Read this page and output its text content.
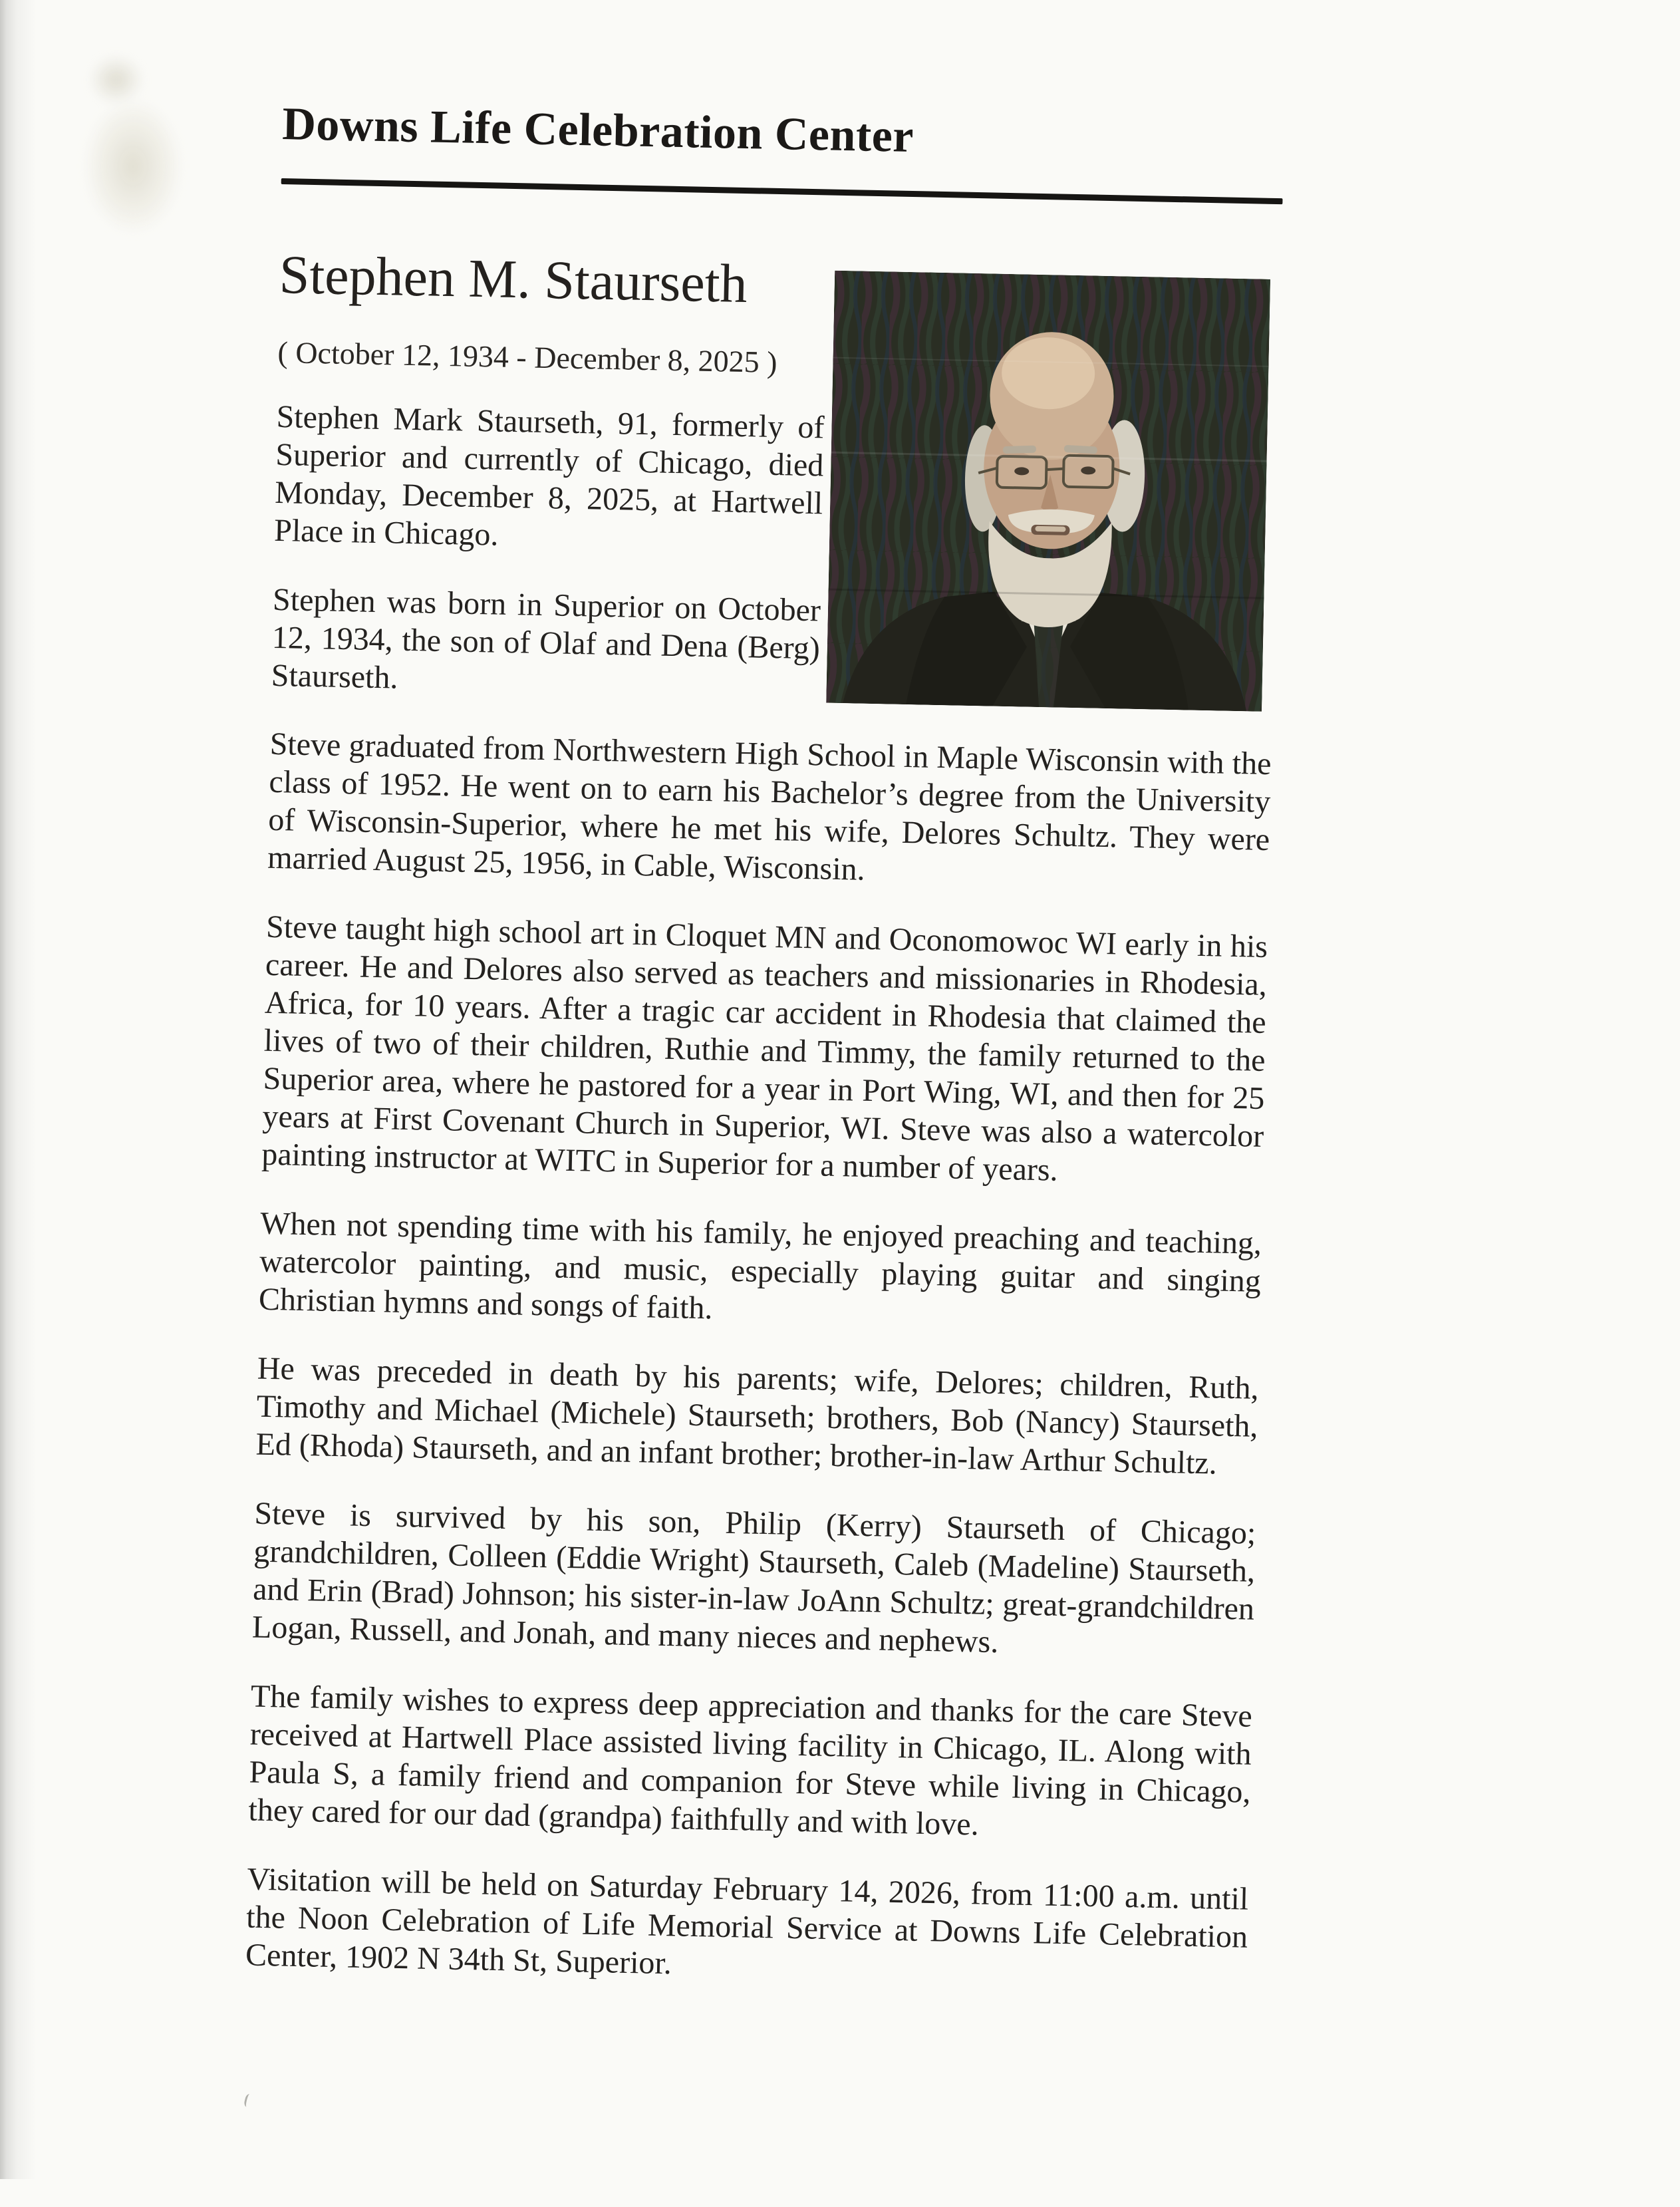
Downs Life Celebration Center
Stephen M. Staurseth
( October 12, 1934 - December 8, 2025 )

Stephen Mark Staurseth, 91, formerly of Superior and currently of Chicago, died Monday, December 8, 2025, at Hartwell Place in Chicago.

Stephen was born in Superior on October 12, 1934, the son of Olaf and Dena (Berg) Staurseth.

Steve graduated from Northwestern High School in Maple Wisconsin with the class of 1952. He went on to earn his Bachelor’s degree from the University of Wisconsin-Superior, where he met his wife, Delores Schultz. They were married August 25, 1956, in Cable, Wisconsin.

Steve taught high school art in Cloquet MN and Oconomowoc WI early in his career. He and Delores also served as teachers and missionaries in Rhodesia, Africa, for 10 years. After a tragic car accident in Rhodesia that claimed the lives of two of their children, Ruthie and Timmy, the family returned to the Superior area, where he pastored for a year in Port Wing, WI, and then for 25 years at First Covenant Church in Superior, WI. Steve was also a watercolor painting instructor at WITC in Superior for a number of years.

When not spending time with his family, he enjoyed preaching and teaching, watercolor painting, and music, especially playing guitar and singing Christian hymns and songs of faith.

He was preceded in death by his parents; wife, Delores; children, Ruth, Timothy and Michael (Michele) Staurseth; brothers, Bob (Nancy) Staurseth, Ed (Rhoda) Staurseth, and an infant brother; brother-in-law Arthur Schultz.

Steve is survived by his son, Philip (Kerry) Staurseth of Chicago; grandchildren, Colleen (Eddie Wright) Staurseth, Caleb (Madeline) Staurseth, and Erin (Brad) Johnson; his sister-in-law JoAnn Schultz; great-grandchildren Logan, Russell, and Jonah, and many nieces and nephews.

The family wishes to express deep appreciation and thanks for the care Steve received at Hartwell Place assisted living facility in Chicago, IL. Along with Paula S, a family friend and companion for Steve while living in Chicago, they cared for our dad (grandpa) faithfully and with love.

Visitation will be held on Saturday February 14, 2026, from 11:00 a.m. until the Noon Celebration of Life Memorial Service at Downs Life Celebration Center, 1902 N 34th St, Superior.
